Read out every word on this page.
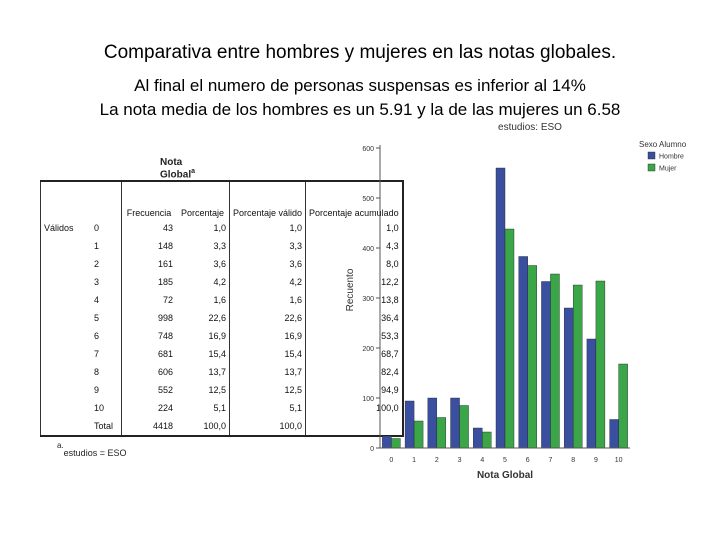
Comparativa entre hombres y mujeres en las notas globales.
Al final el numero de personas suspensas es inferior al 14%
La nota media de los hombres es un 5.91 y la de las mujeres un 6.58
Nota Global$^a$
		Frecuencia	Porcentaje	Porcentaje válido	Porcentaje acumulado
Válidos	0	43	1,0	1,0	1,0
	1	148	3,3	3,3	4,3
	2	161	3,6	3,6	8,0
	3	185	4,2	4,2	12,2
	4	72	1,6	1,6	13,8
	5	998	22,6	22,6	36,4
	6	748	16,9	16,9	53,3
	7	681	15,4	15,4	68,7
	8	606	13,7	13,7	82,4
	9	552	12,5	12,5	94,9
	10	224	5,1	5,1	100,0
	Total	4418	100,0	100,0	
$^{a.}$estudios = ESO
estudios: ESO
0
100
200
300
400
500
600
0	1	2	3	4	5	6	7	8	9 10
Recuento
Nota Global
Sexo Alumno
Hombre
Mujer
